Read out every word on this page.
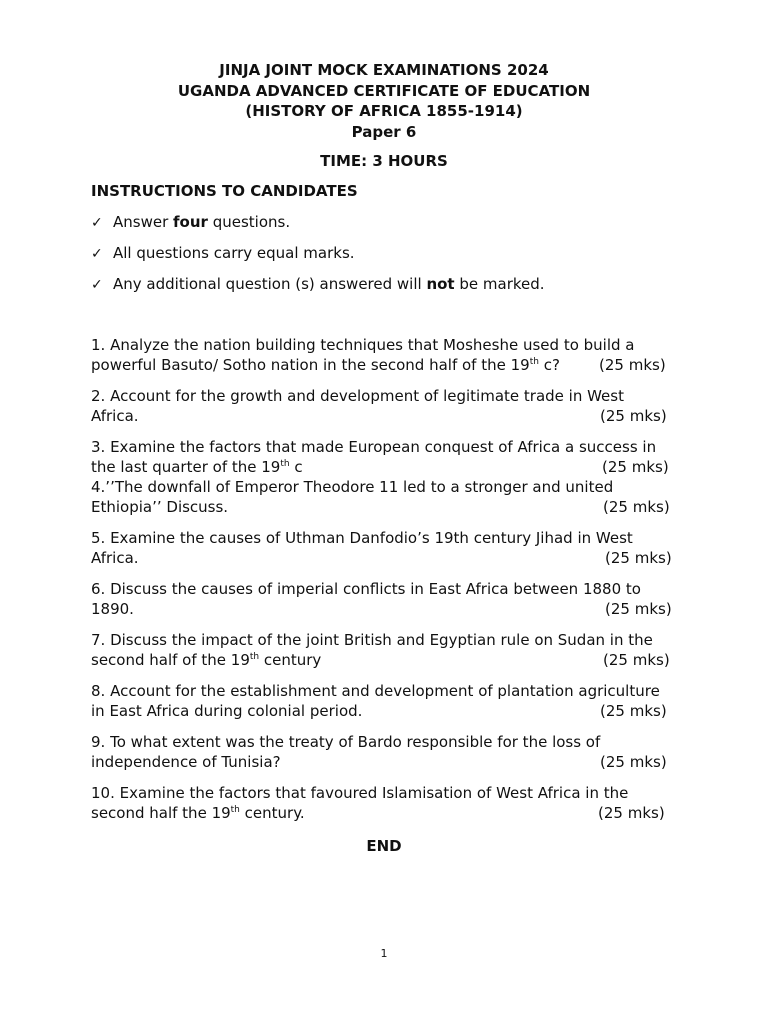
JINJA JOINT MOCK EXAMINATIONS 2024
UGANDA ADVANCED CERTIFICATE OF EDUCATION
(HISTORY OF AFRICA 1855-1914)
Paper 6
TIME: 3 HOURS
INSTRUCTIONS TO CANDIDATES
✓ Answer four questions.
✓ All questions carry equal marks.
✓ Any additional question (s) answered will not be marked.
1. Analyze the nation building techniques that Mosheshe used to build a
powerful Basuto/ Sotho nation in the second half of the 19th c?	(25 mks)
2. Account for the growth and development of legitimate trade in West
Africa.	(25 mks)
3. Examine the factors that made European conquest of Africa a success in
the last quarter of the 19th c	(25 mks)
4.’’The downfall of Emperor Theodore 11 led to a stronger and united
Ethiopia’’ Discuss.	(25 mks)
5. Examine the causes of Uthman Danfodio’s 19th century Jihad in West
Africa.	(25 mks)
6. Discuss the causes of imperial conflicts in East Africa between 1880 to
1890.	(25 mks)
7. Discuss the impact of the joint British and Egyptian rule on Sudan in the
second half of the 19th century	(25 mks)
8. Account for the establishment and development of plantation agriculture
in East Africa during colonial period.	(25 mks)
9. To what extent was the treaty of Bardo responsible for the loss of
independence of Tunisia?	(25 mks)
10. Examine the factors that favoured Islamisation of West Africa in the
second half the 19th century.	(25 mks)
END
1
